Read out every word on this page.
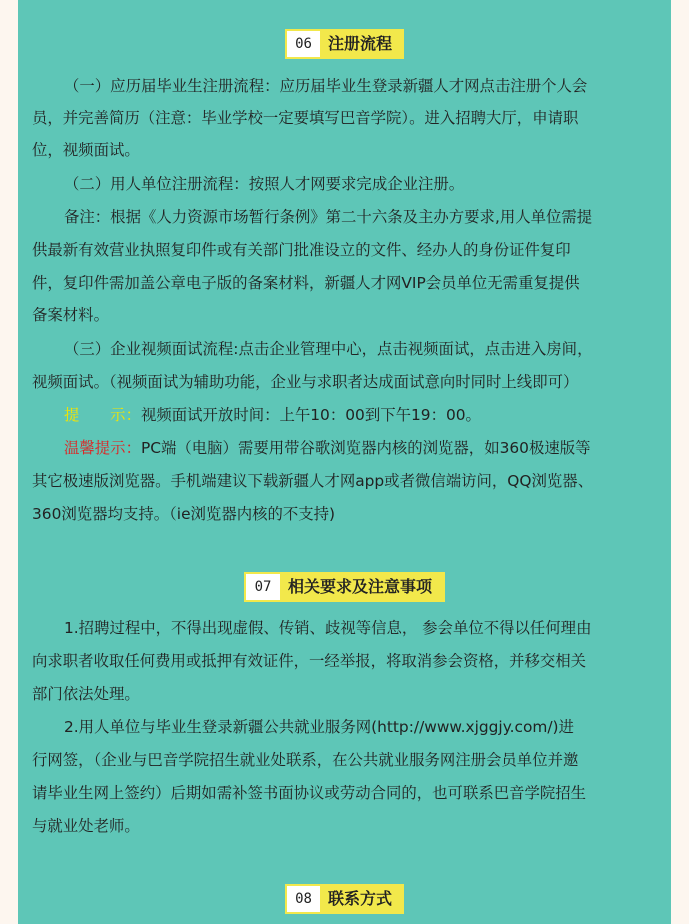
06	注册流程
（一）应历届毕业生注册流程：应历届毕业生登录新疆人才网点击注册个人会
员，并完善简历（注意：毕业学校一定要填写巴音学院）。进入招聘大厅，申请职
位，视频面试。
（二）用人单位注册流程：按照人才网要求完成企业注册。
备注：根据《人力资源市场暂行条例》第二十六条及主办方要求,用人单位需提
供最新有效营业执照复印件或有关部门批准设立的文件、经办人的身份证件复印
件，复印件需加盖公章电子版的备案材料，新疆人才网VIP会员单位无需重复提供
备案材料。
（三）企业视频面试流程:点击企业管理中心，点击视频面试，点击进入房间，
视频面试。（视频面试为辅助功能，企业与求职者达成面试意向时同时上线即可）
提　　示：视频面试开放时间：上午10：00到下午19：00。
温馨提示：PC端（电脑）需要用带谷歌浏览器内核的浏览器，如360极速版等
其它极速版浏览器。手机端建议下载新疆人才网app或者微信端访问，QQ浏览器、
360浏览器均支持。（ie浏览器内核的不支持)
07	相关要求及注意事项
1.招聘过程中，不得出现虚假、传销、歧视等信息， 参会单位不得以任何理由
向求职者收取任何费用或抵押有效证件，一经举报，将取消参会资格，并移交相关
部门依法处理。
2.用人单位与毕业生登录新疆公共就业服务网(http://www.xjggjy.com/)进
行网签，（企业与巴音学院招生就业处联系，在公共就业服务网注册会员单位并邀
请毕业生网上签约）后期如需补签书面协议或劳动合同的，也可联系巴音学院招生
与就业处老师。
08	联系方式
